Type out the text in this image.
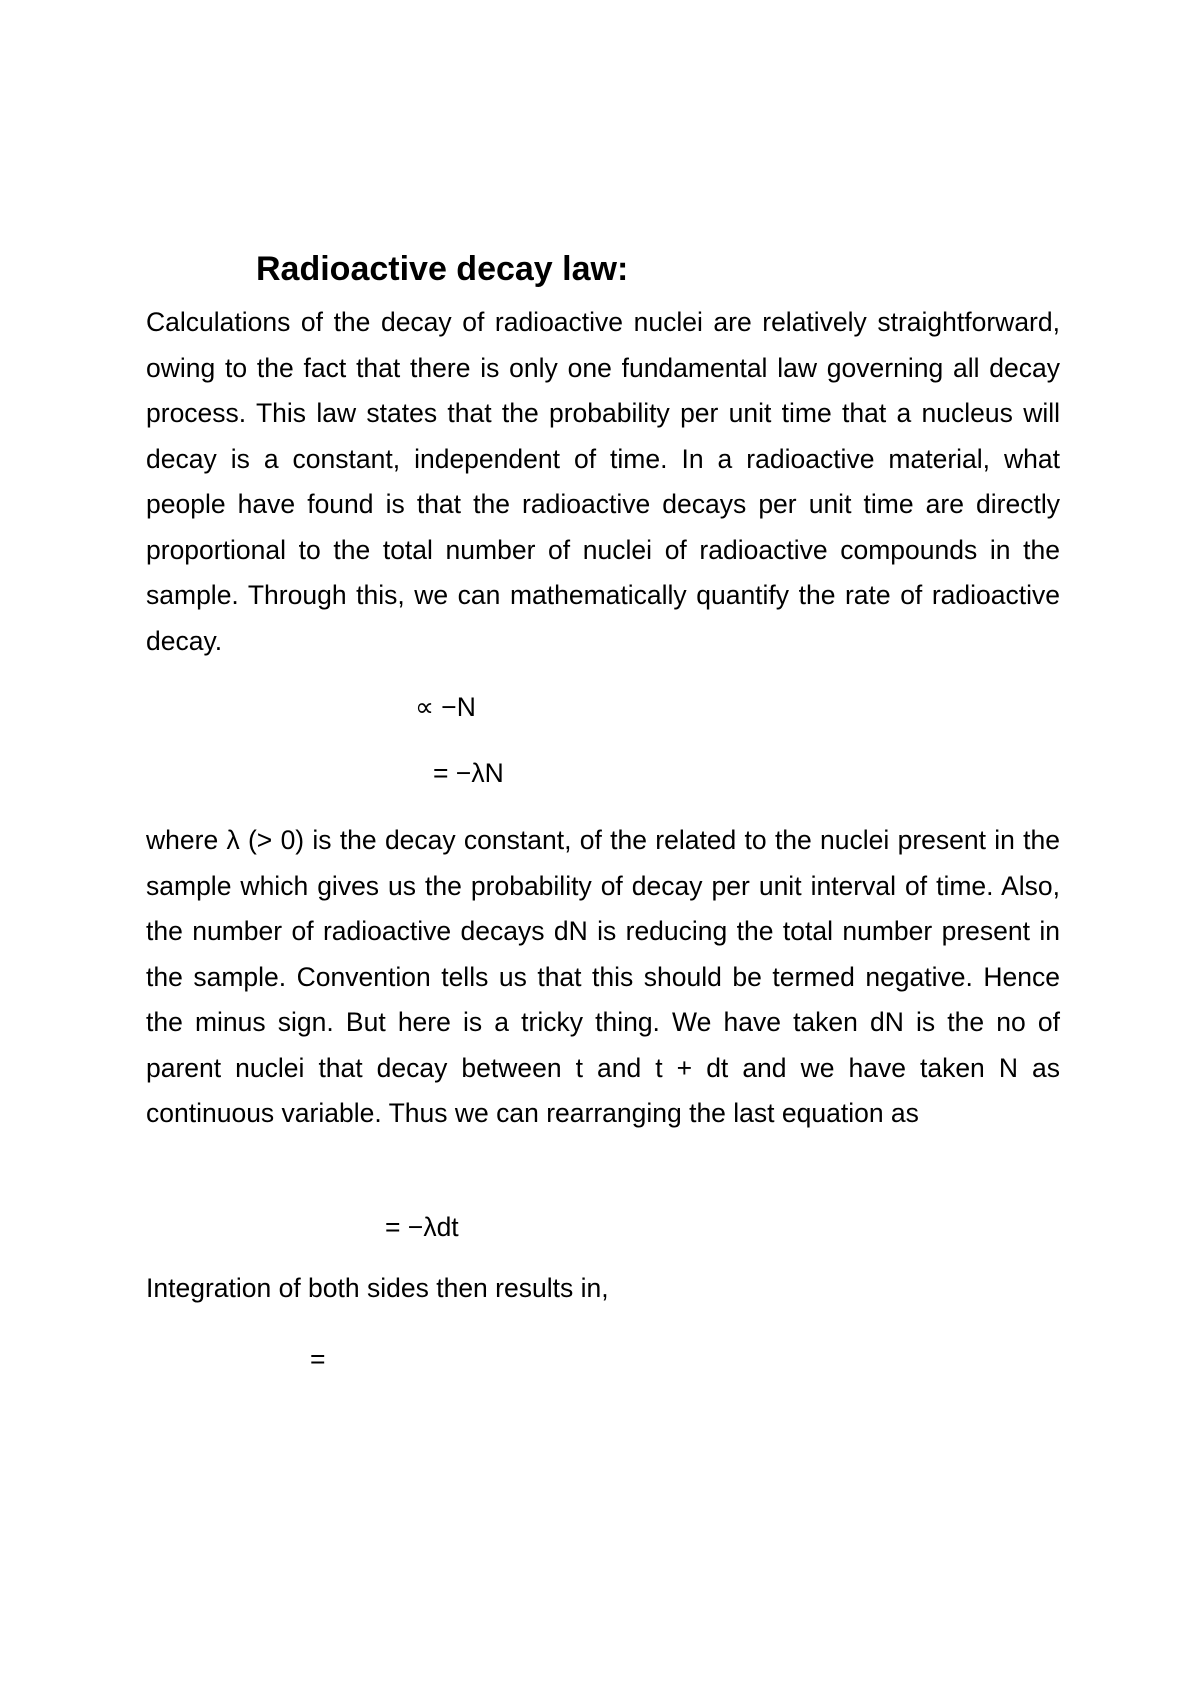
Radioactive decay law:

Calculations of the decay of radioactive nuclei are relatively straightforward, owing to the fact that there is only one fundamental law governing all decay process. This law states that the probability per unit time that a nucleus will decay is a constant, independent of time. In a radioactive material, what people have found is that the radioactive decays per unit time are directly proportional to the total number of nuclei of radioactive compounds in the sample. Through this, we can mathematically quantify the rate of radioactive decay.

∝ −N
= −λN

where λ (> 0) is the decay constant, of the related to the nuclei present in the sample which gives us the probability of decay per unit interval of time. Also, the number of radioactive decays dN is reducing the total number present in the sample. Convention tells us that this should be termed negative. Hence the minus sign. But here is a tricky thing. We have taken dN is the no of parent nuclei that decay between t and t + dt and we have taken N as continuous variable. Thus we can rearranging the last equation as

= −λdt

Integration of both sides then results in,

=
